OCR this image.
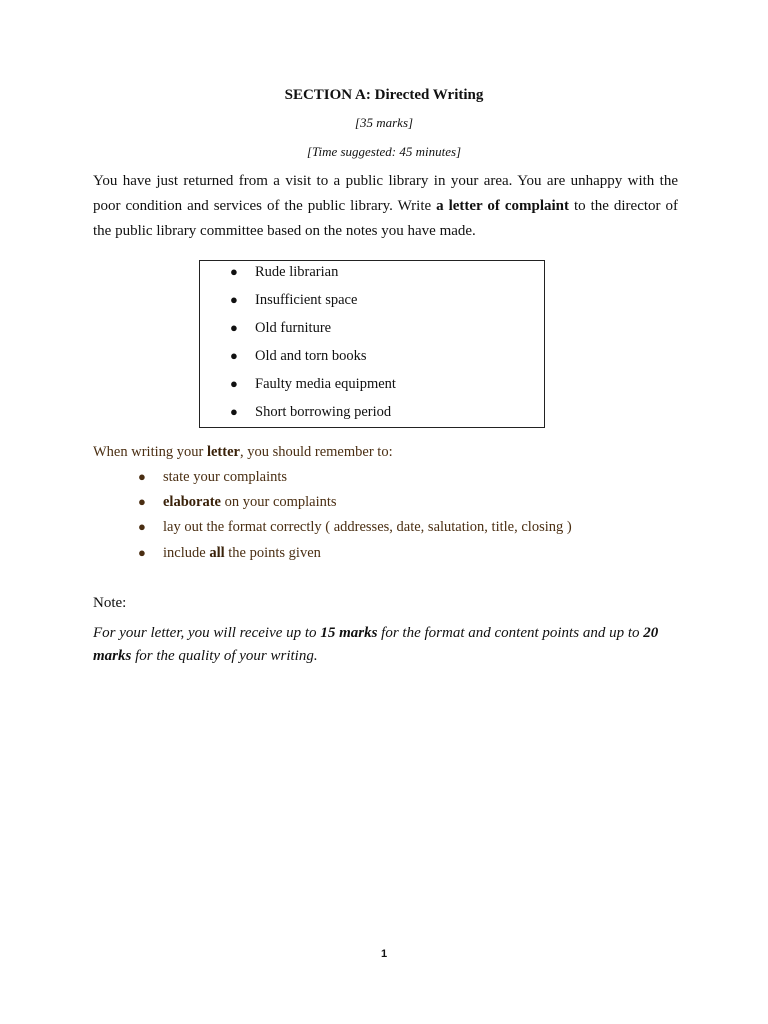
SECTION A: Directed Writing
[35 marks]
[Time suggested: 45 minutes]
You have just returned from a visit to a public library in your area. You are unhappy with the poor condition and services of the public library. Write a letter of complaint to the director of the public library committee based on the notes you have made.
● Rude librarian
● Insufficient space
● Old furniture
● Old and torn books
● Faulty media equipment
● Short borrowing period
When writing your letter, you should remember to:
● state your complaints
● elaborate on your complaints
● lay out the format correctly ( addresses, date, salutation, title, closing )
● include all the points given
Note:
For your letter, you will receive up to 15 marks for the format and content points and up to 20 marks for the quality of your writing.
1
